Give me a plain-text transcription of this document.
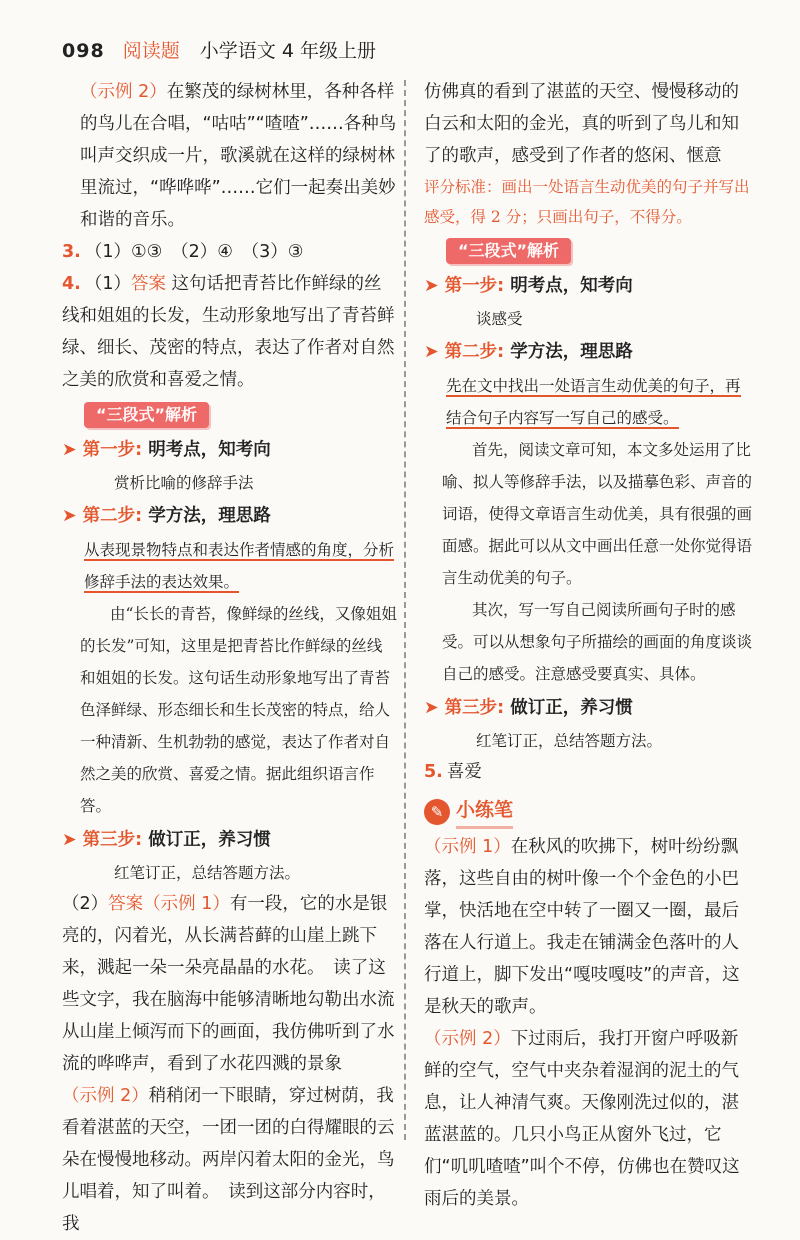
098 阅读题 小学语文 4 年级上册

（示例 2）在繁茂的绿树林里，各种各样的鸟儿在合唱，“咕咕”“喳喳”……各种鸟叫声交织成一片，歌溪就在这样的绿树林里流过，“哗哗哗”……它们一起奏出美妙和谐的音乐。

3. （1）①③　（2）④　（3）③

4. （1）答案 这句话把青苔比作鲜绿的丝线和姐姐的长发，生动形象地写出了青苔鲜绿、细长、茂密的特点，表达了作者对自然之美的欣赏和喜爱之情。

“三段式”解析
➤ 第一步: 明考点，知考向

赏析比喻的修辞手法

➤ 第二步: 学方法，理思路

从表现景物特点和表达作者情感的角度，分析修辞手法的表达效果。

由“长长的青苔，像鲜绿的丝线，又像姐姐的长发”可知，这里是把青苔比作鲜绿的丝线和姐姐的长发。这句话生动形象地写出了青苔色泽鲜绿、形态细长和生长茂密的特点，给人一种清新、生机勃勃的感觉，表达了作者对自然之美的欣赏、喜爱之情。据此组织语言作答。

➤ 第三步: 做订正，养习惯

红笔订正，总结答题方法。

（2）答案（示例 1）有一段，它的水是银亮的，闪着光，从长满苔藓的山崖上跳下来，溅起一朵一朵亮晶晶的水花。　读了这些文字，我在脑海中能够清晰地勾勒出水流从山崖上倾泻而下的画面，我仿佛听到了水流的哗哗声，看到了水花四溅的景象

（示例 2）稍稍闭一下眼睛，穿过树荫，我看着湛蓝的天空，一团一团的白得耀眼的云朵在慢慢地移动。两岸闪着太阳的金光，鸟儿唱着，知了叫着。　读到这部分内容时，我

仿佛真的看到了湛蓝的天空、慢慢移动的白云和太阳的金光，真的听到了鸟儿和知了的歌声，感受到了作者的悠闲、惬意

评分标准：画出一处语言生动优美的句子并写出感受，得 2 分；只画出句子，不得分。

“三段式”解析
➤ 第一步: 明考点，知考向

谈感受

➤ 第二步: 学方法，理思路

先在文中找出一处语言生动优美的句子，再结合句子内容写一写自己的感受。

首先，阅读文章可知，本文多处运用了比喻、拟人等修辞手法，以及描摹色彩、声音的词语，使得文章语言生动优美，具有很强的画面感。据此可以从文中画出任意一处你觉得语言生动优美的句子。

其次，写一写自己阅读所画句子时的感受。可以从想象句子所描绘的画面的角度谈谈自己的感受。注意感受要真实、具体。

➤ 第三步: 做订正，养习惯

红笔订正，总结答题方法。

5. 喜爱

✎ 小练笔

（示例 1）在秋风的吹拂下，树叶纷纷飘落，这些自由的树叶像一个个金色的小巴掌，快活地在空中转了一圈又一圈，最后落在人行道上。我走在铺满金色落叶的人行道上，脚下发出“嘎吱嘎吱”的声音，这是秋天的歌声。

（示例 2）下过雨后，我打开窗户呼吸新鲜的空气，空气中夹杂着湿润的泥土的气息，让人神清气爽。天像刚洗过似的，湛蓝湛蓝的。几只小鸟正从窗外飞过，它们“叽叽喳喳”叫个不停，仿佛也在赞叹这雨后的美景。
